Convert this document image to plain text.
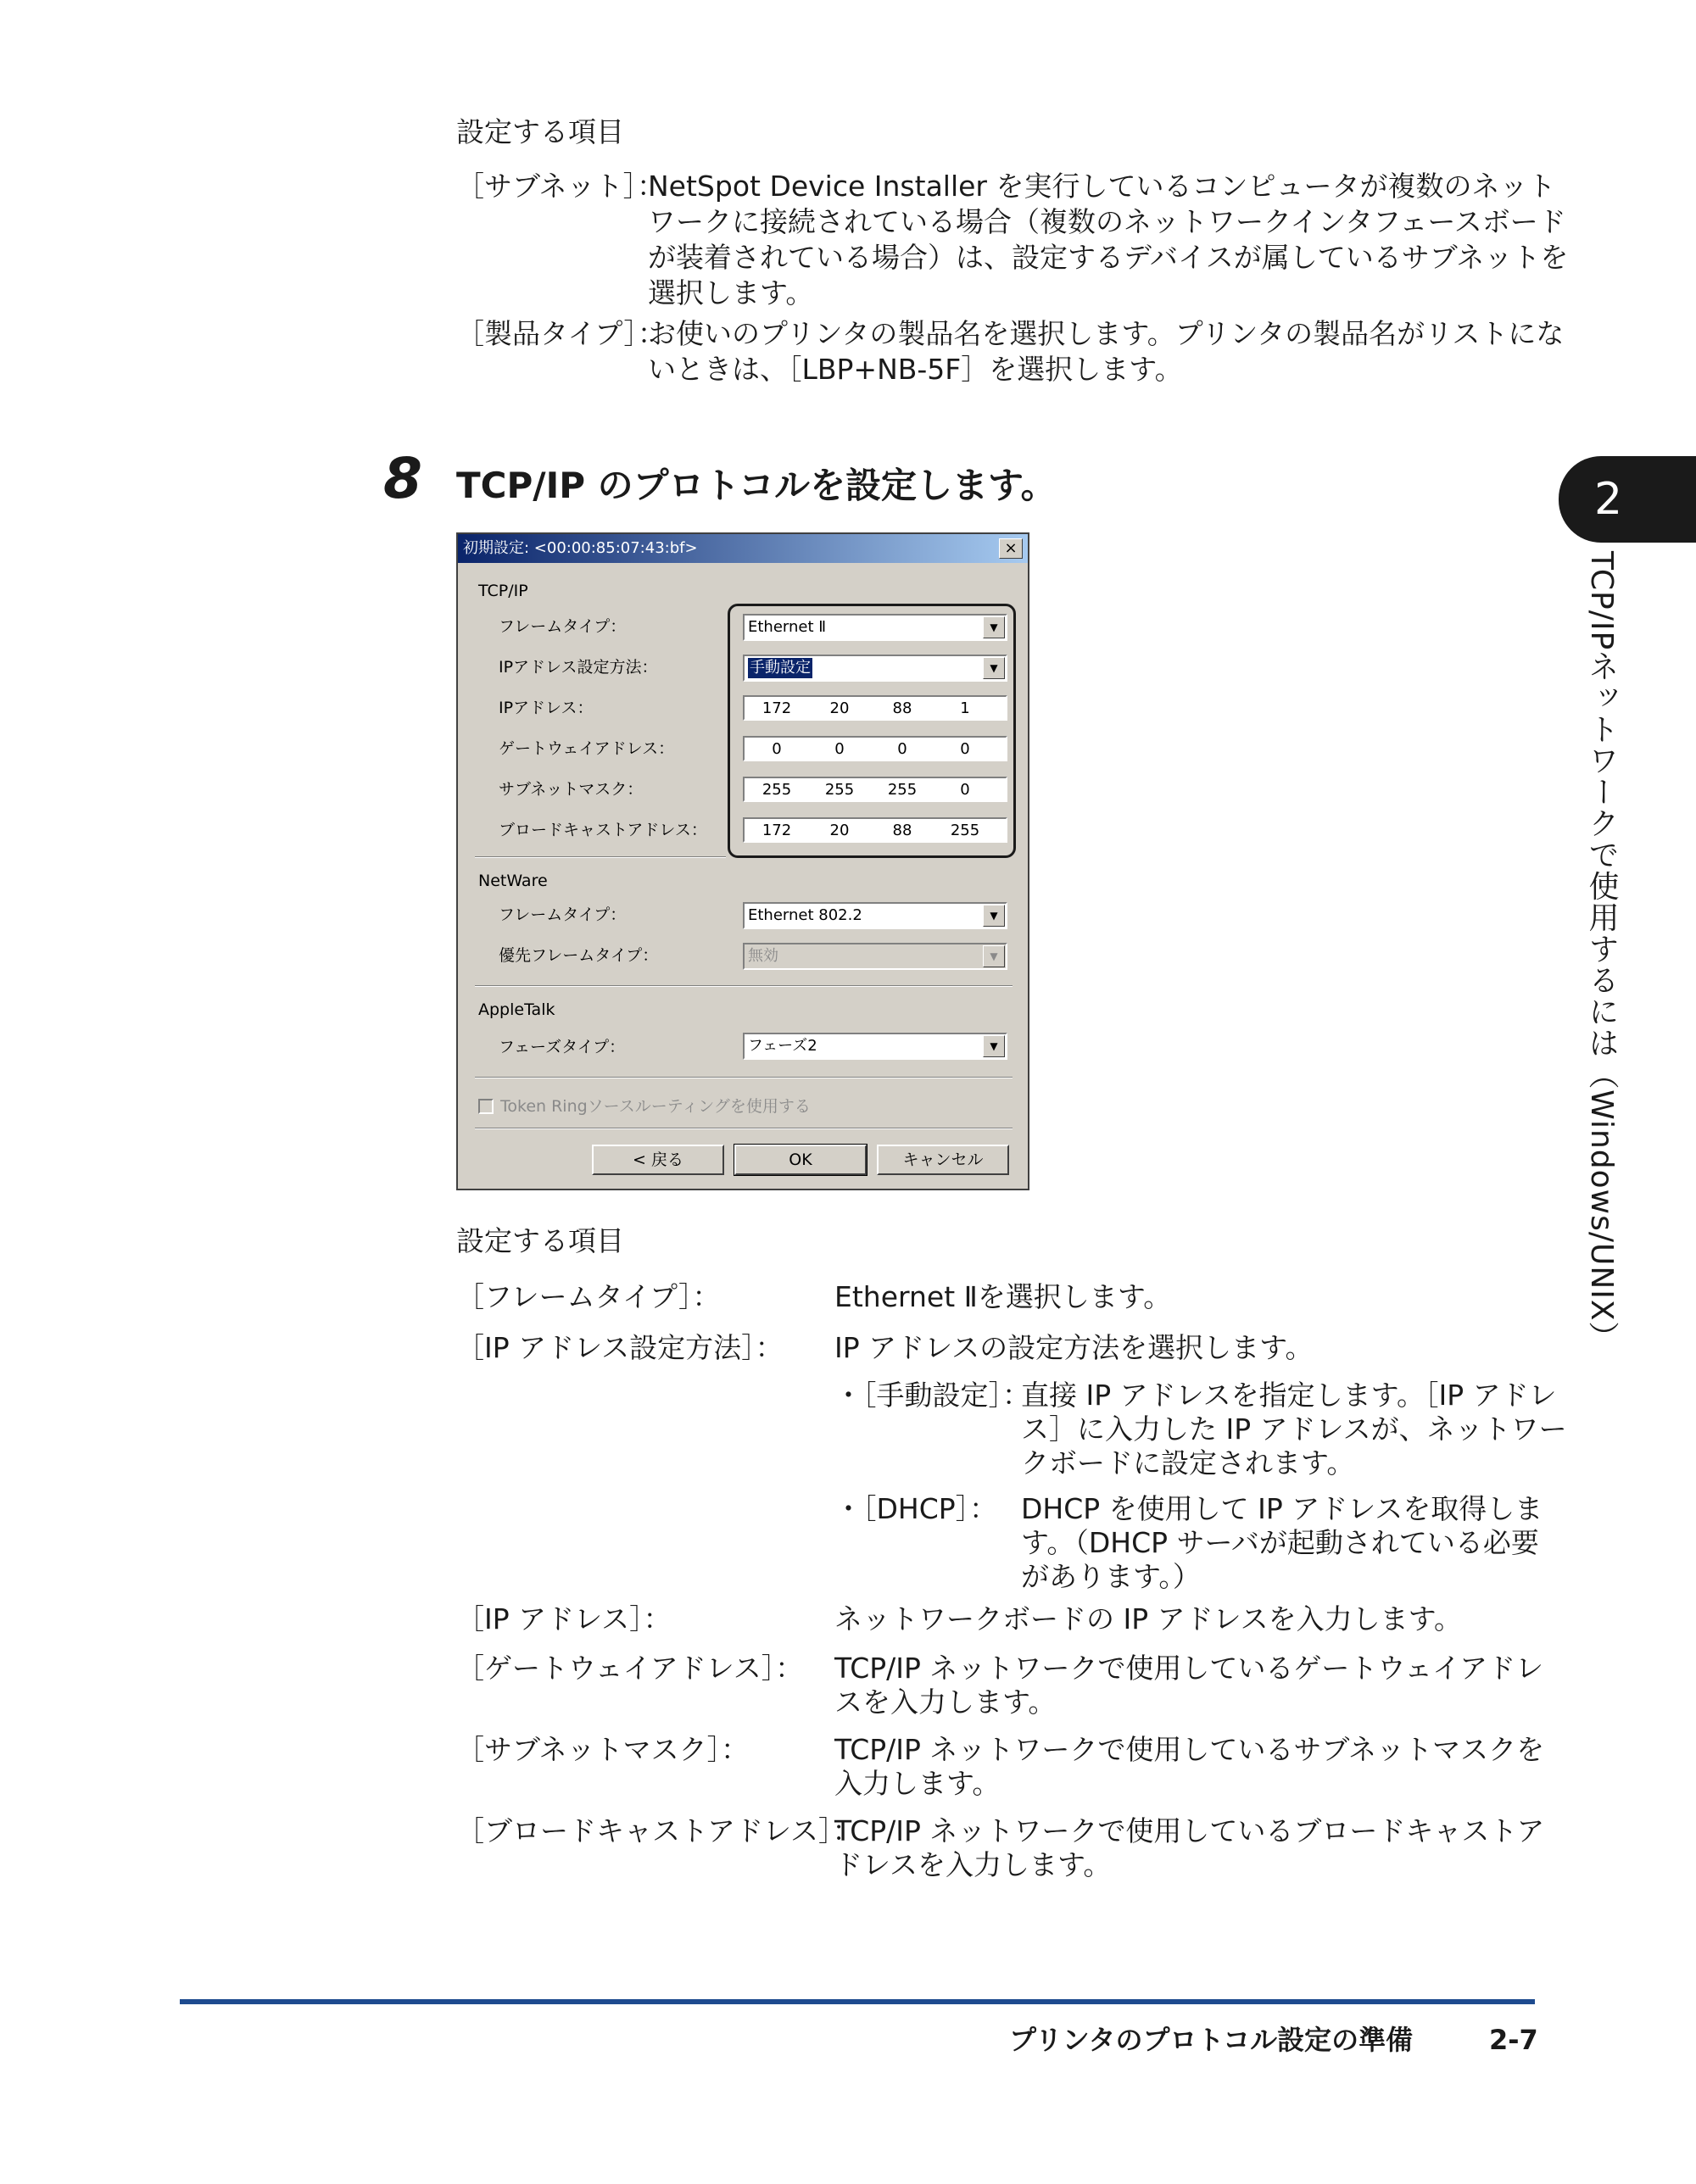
設定する項目
［サブネット］：
NetSpot Device Installer を実行しているコンピュータが複数のネット
ワークに接続されている場合（複数のネットワークインタフェースボード
が装着されている場合）は、設定するデバイスが属しているサブネットを
選択します。
［製品タイプ］：
お使いのプリンタの製品名を選択します。プリンタの製品名がリストにな
いときは、［LBP+NB-5F］を選択します。
8 TCP/IP のプロトコルを設定します。	2
TCP/IPネットワークで使用するには（Windows/UNIX）
初期設定: <00:00:85:07:43:bf>	×
TCP/IP
フレームタイプ：	Ethernet Ⅱ	▼
IPアドレス設定方法：	手動設定	▼
IPアドレス：	172	20	88	1
ゲートウェイアドレス：	0	0	0	0
サブネットマスク：	255	255	255	0
ブロードキャストアドレス：	172	20	88	255
NetWare
フレームタイプ：	Ethernet 802.2	▼
優先フレームタイプ：	無効	▼
AppleTalk
フェーズタイプ：	フェーズ2	▼
Token Ringソースルーティングを使用する
< 戻る	OK	キャンセル
設定する項目
［フレームタイプ］：	Ethernet Ⅱを選択します。
［IP アドレス設定方法］： IP アドレスの設定方法を選択します。
・［手動設定］：
直接 IP アドレスを指定します。［IP アドレ
ス］に入力した IP アドレスが、ネットワー
クボードに設定されます。
・［DHCP］： DHCP を使用して IP アドレスを取得しま
す。（DHCP サーバが起動されている必要
があります。）
［IP アドレス］：	ネットワークボードの IP アドレスを入力します。
［ゲートウェイアドレス］： TCP/IP ネットワークで使用しているゲートウェイアドレ
スを入力します。
［サブネットマスク］：	TCP/IP ネットワークで使用しているサブネットマスクを
入力します。
［ブロードキャストアドレス］：
TCP/IP ネットワークで使用しているブロードキャストア
ドレスを入力します。
プリンタのプロトコル設定の準備	2-7
